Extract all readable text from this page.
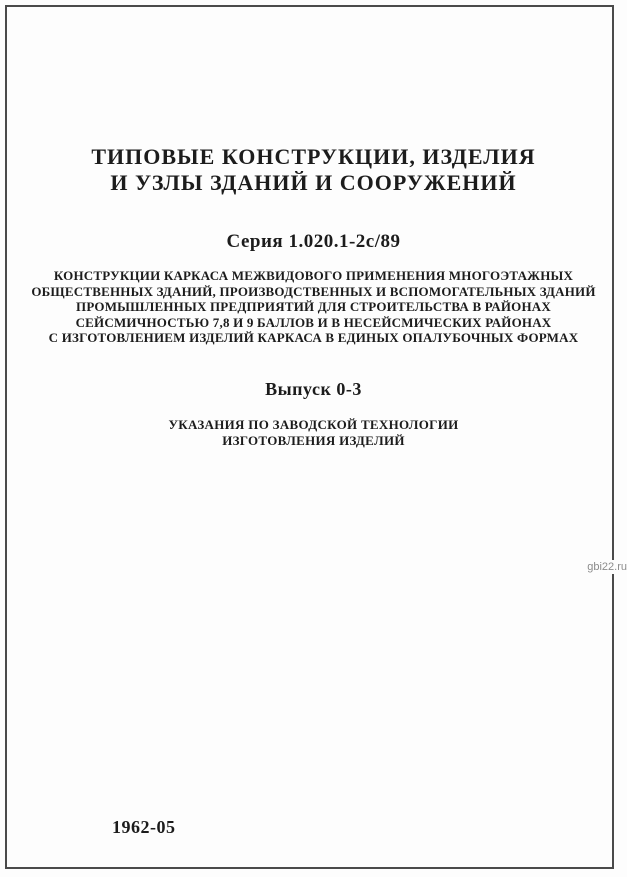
ТИПОВЫЕ КОНСТРУКЦИИ, ИЗДЕЛИЯ
И УЗЛЫ ЗДАНИЙ И СООРУЖЕНИЙ
Серия 1.020.1-2с/89
КОНСТРУКЦИИ КАРКАСА МЕЖВИДОВОГО ПРИМЕНЕНИЯ МНОГОЭТАЖНЫХ
ОБЩЕСТВЕННЫХ ЗДАНИЙ, ПРОИЗВОДСТВЕННЫХ И ВСПОМОГАТЕЛЬНЫХ ЗДАНИЙ
ПРОМЫШЛЕННЫХ ПРЕДПРИЯТИЙ ДЛЯ СТРОИТЕЛЬСТВА В РАЙОНАХ
СЕЙСМИЧНОСТЬЮ 7,8 И 9 БАЛЛОВ И В НЕСЕЙСМИЧЕСКИХ РАЙОНАХ
С ИЗГОТОВЛЕНИЕМ ИЗДЕЛИЙ КАРКАСА В ЕДИНЫХ ОПАЛУБОЧНЫХ ФОРМАХ
Выпуск 0-3
УКАЗАНИЯ ПО ЗАВОДСКОЙ ТЕХНОЛОГИИ
ИЗГОТОВЛЕНИЯ ИЗДЕЛИЙ
gbi22.ru
1962-05
